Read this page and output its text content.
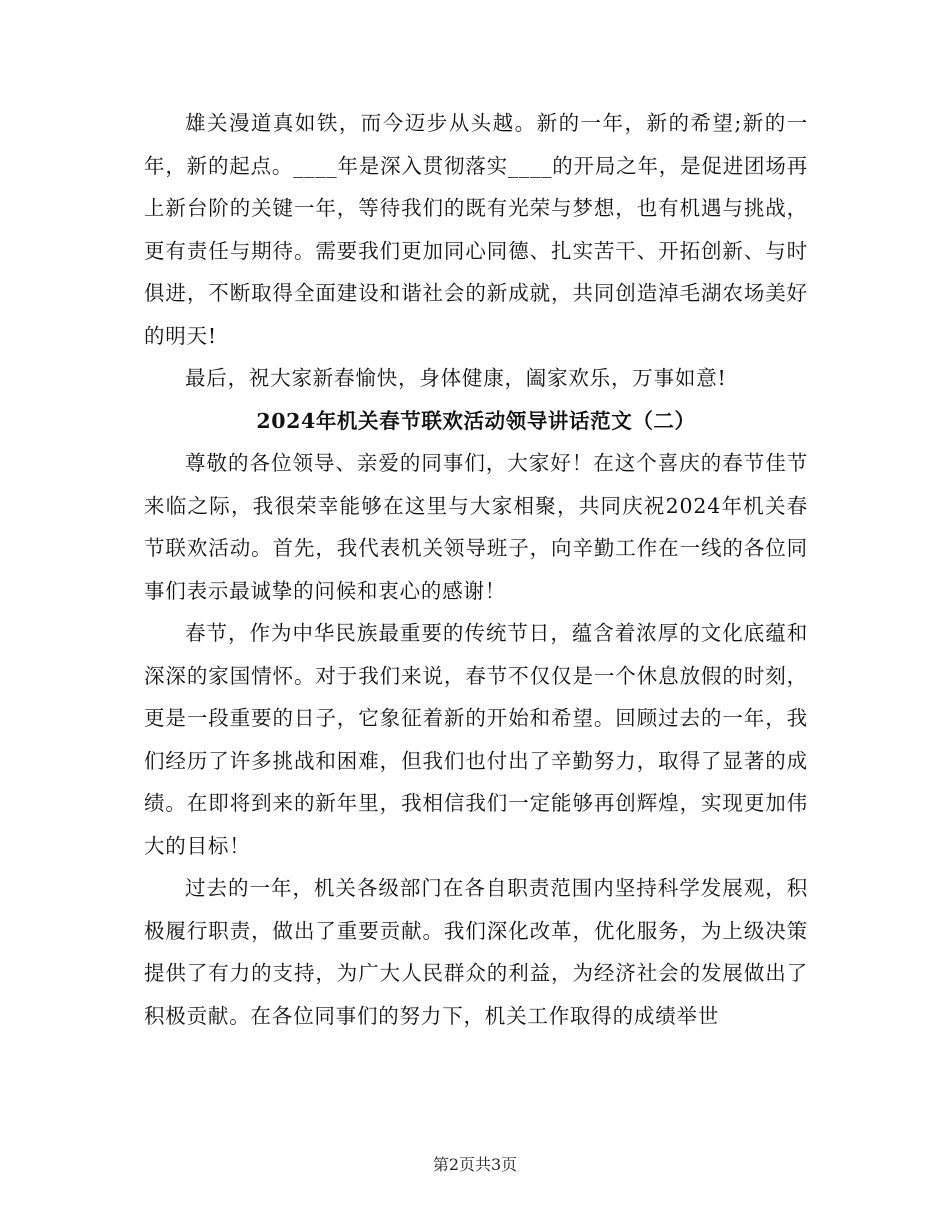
雄关漫道真如铁，而今迈步从头越。新的一年，新的希望;新的一年，新的起点。____年是深入贯彻落实____的开局之年，是促进团场再上新台阶的关键一年，等待我们的既有光荣与梦想，也有机遇与挑战，更有责任与期待。需要我们更加同心同德、扎实苦干、开拓创新、与时俱进，不断取得全面建设和谐社会的新成就，共同创造淖毛湖农场美好的明天!

最后，祝大家新春愉快，身体健康，阖家欢乐，万事如意!

2024年机关春节联欢活动领导讲话范文（二）

尊敬的各位领导、亲爱的同事们，大家好！在这个喜庆的春节佳节来临之际，我很荣幸能够在这里与大家相聚，共同庆祝2024年机关春节联欢活动。首先，我代表机关领导班子，向辛勤工作在一线的各位同事们表示最诚挚的问候和衷心的感谢！

春节，作为中华民族最重要的传统节日，蕴含着浓厚的文化底蕴和深深的家国情怀。对于我们来说，春节不仅仅是一个休息放假的时刻，更是一段重要的日子，它象征着新的开始和希望。回顾过去的一年，我们经历了许多挑战和困难，但我们也付出了辛勤努力，取得了显著的成绩。在即将到来的新年里，我相信我们一定能够再创辉煌，实现更加伟大的目标！

过去的一年，机关各级部门在各自职责范围内坚持科学发展观，积极履行职责，做出了重要贡献。我们深化改革，优化服务，为上级决策提供了有力的支持，为广大人民群众的利益，为经济社会的发展做出了积极贡献。在各位同事们的努力下，机关工作取得的成绩举世

第2页共3页
